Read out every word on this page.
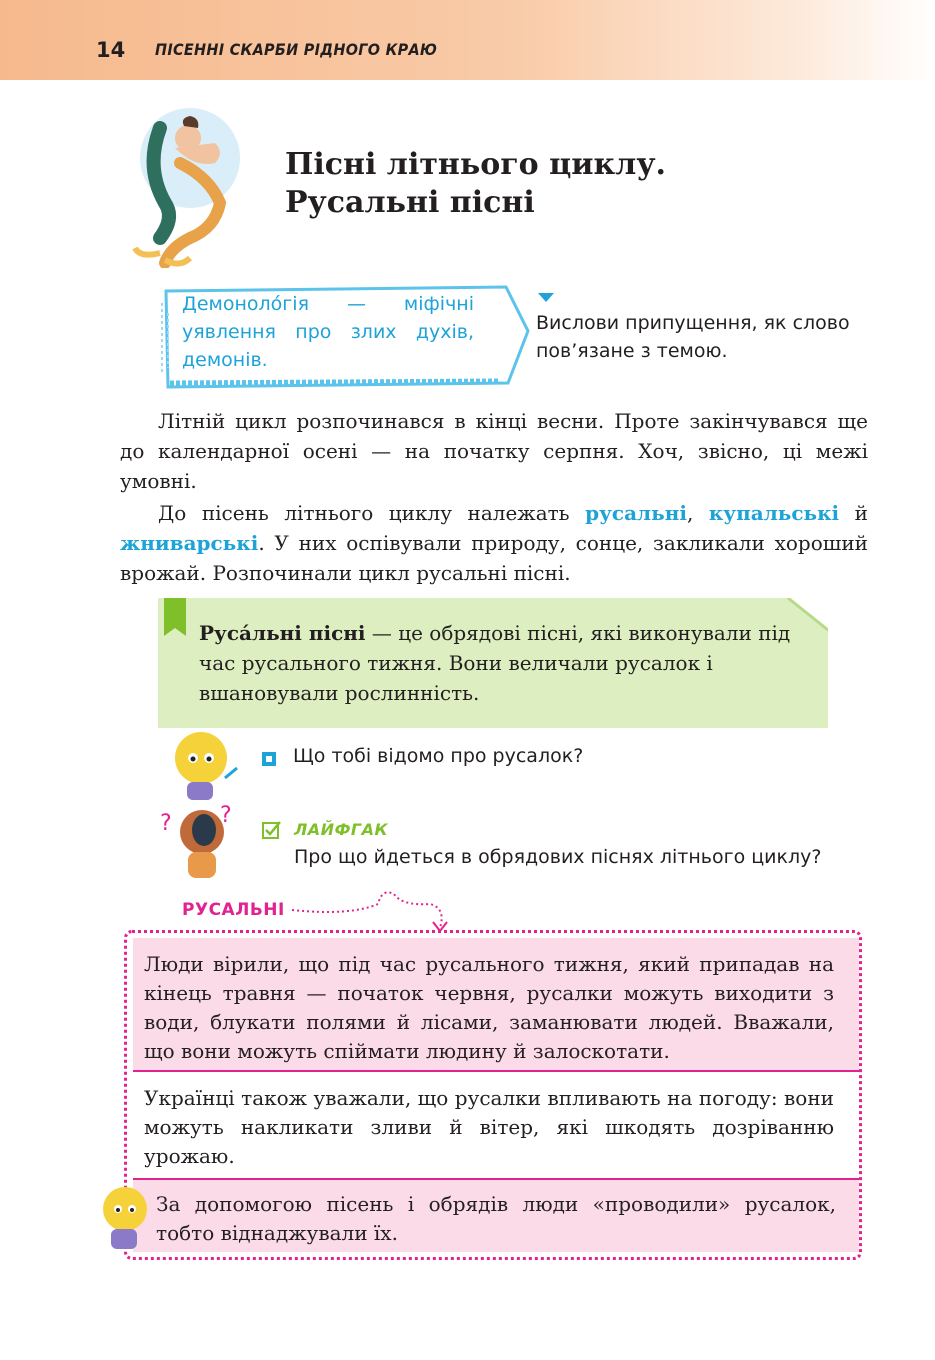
14 ПІСЕННІ СКАРБИ РІДНОГО КРАЮ
Пісні літнього циклу.
Русальні пісні
Демоноло́гія — міфічні уявлення про злих духів, демонів.
Вислови припущення, як слово пов’язане з темою.
Літній цикл розпочинався в кінці весни. Проте закінчувався ще до календарної осені — на початку серпня. Хоч, звісно, ці межі умовні.
До пісень літнього циклу належать русальні, купальські й жниварські. У них оспівували природу, сонце, закликали хороший врожай. Розпочинали цикл русальні пісні.
Руса́льні пісні — це обрядові пісні, які виконували під час русального тижня. Вони величали русалок і вшановували рослинність.
? ?
Що тобі відомо про русалок?
ЛАЙФГАК
Про що йдеться в обрядових піснях літнього циклу?
РУСАЛЬНІ
Люди вірили, що під час русального тижня, який припадав на кінець травня — початок червня, русалки можуть виходити з води, блукати полями й лісами, заманювати людей. Вважали, що вони можуть спіймати людину й залоскотати.
Українці також уважали, що русалки впливають на погоду: вони можуть накликати зливи й вітер, які шкодять дозріванню урожаю.
За допомогою пісень і обрядів люди «проводили» русалок, тобто віднаджували їх.
